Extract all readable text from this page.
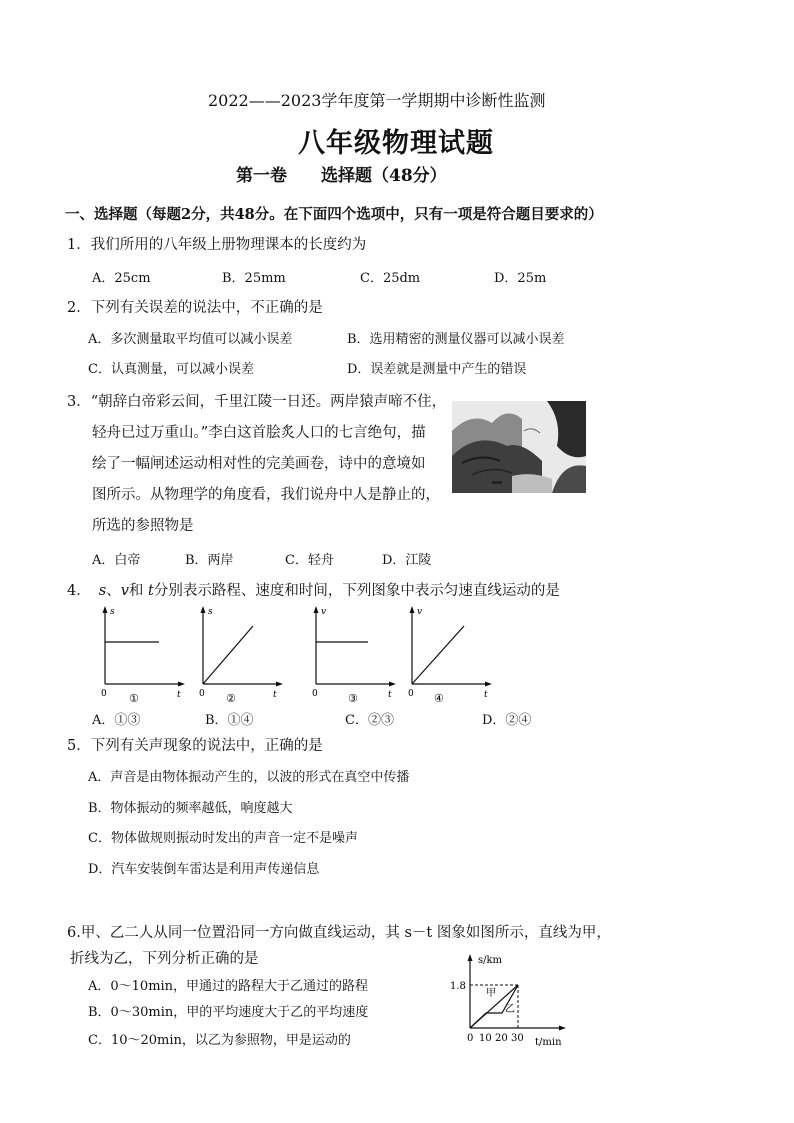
2022——2023学年度第一学期期中诊断性监测
八年级物理试题
第一卷　　选择题（48分）
一、选择题（每题2分，共48分。在下面四个选项中，只有一项是符合题目要求的）
1．我们所用的八年级上册物理课本的长度约为
A．25cm	B．25mm	C．25dm	D．25m
2．下列有关误差的说法中，不正确的是
A．多次测量取平均值可以减小误差	B．选用精密的测量仪器可以减小误差
C．认真测量，可以减小误差	D．误差就是测量中产生的错误
3．“朝辞白帝彩云间，千里江陵一日还。两岸猿声啼不住，
轻舟已过万重山。”李白这首脍炙人口的七言绝句，描
绘了一幅闸述运动相对性的完美画卷，诗中的意境如
图所示。从物理学的角度看，我们说舟中人是静止的，
所选的参照物是
A．白帝	B．两岸	C．轻舟	D．江陵
4． s、v和 t分别表示路程、速度和时间，下列图象中表示匀速直线运动的是
s
t
0 ①
s
t
0 ②
v
t
0	③
v
t
0 ④
A．①③	B．①④	C．②③	D．②④
5．下列有关声现象的说法中，正确的是
A．声音是由物体振动产生的，以波的形式在真空中传播
B．物体振动的频率越低，响度越大
C．物体做规则振动时发出的声音一定不是噪声
D．汽车安装倒车雷达是利用声传递信息
6.甲、乙二人从同一位置沿同一方向做直线运动，其 s－t 图象如图所示，直线为甲，
折线为乙，下列分析正确的是
A．0～10min，甲通过的路程大于乙通过的路程
B．0～30min，甲的平均速度大于乙的平均速度
C．10～20min，以乙为参照物，甲是运动的
s/km
1.8
甲
乙
0 10 20 30 t/min
